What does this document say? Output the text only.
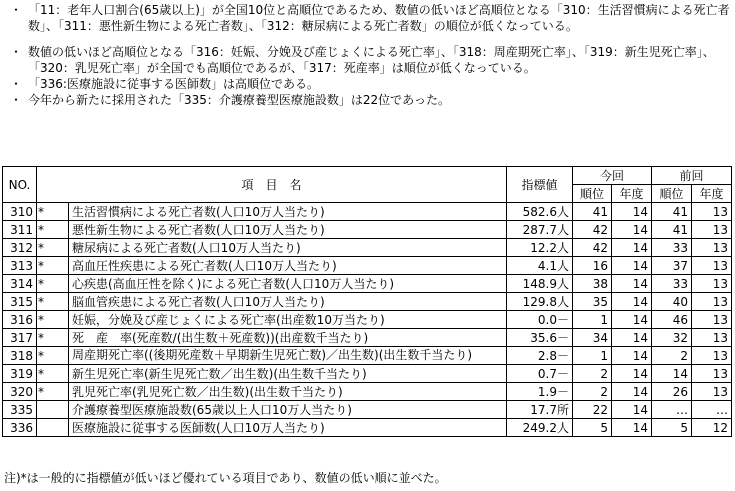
・ 「11：老年人口割合(65歳以上)」が全国10位と高順位であるため、数値の低いほど高順位となる「310：生活習慣病による死亡者数」、「311：悪性新生物による死亡者数」、「312：糖尿病による死亡者数」の順位が低くなっている。
・ 数値の低いほど高順位となる「316：妊娠、分娩及び産じょくによる死亡率」、「318：周産期死亡率」、「319：新生児死亡率」、「320：乳児死亡率」が全国でも高順位であるが、「317：死産率」は順位が低くなっている。
・ 「336:医療施設に従事する医師数」は高順位である。
・ 今年から新たに採用された「335：介護療養型医療施設数」は22位であった。
NO.	項　目　名		指標値	今回		前回	
				順位	年度	順位	年度
310	*	生活習慣病による死亡者数(人口10万人当たり)	582.6人	41	14	41	13
311	*	悪性新生物による死亡者数(人口10万人当たり)	287.7人	42	14	41	13
312	*	糖尿病による死亡者数(人口10万人当たり)	12.2人	42	14	33	13
313	*	高血圧性疾患による死亡者数(人口10万人当たり)	4.1人	16	14	37	13
314	*	心疾患(高血圧性を除く)による死亡者数(人口10万人当たり)	148.9人	38	14	33	13
315	*	脳血管疾患による死亡者数(人口10万人当たり)	129.8人	35	14	40	13
316	*	妊娠，分娩及び産じょくによる死亡率(出産数10万当たり)	0.0－	1	14	46	13
317	*	死　産　率(死産数/(出生数＋死産数))(出産数千当たり)	35.6－	34	14	32	13
318	*	周産期死亡率((後期死産数＋早期新生児死亡数)／出生数)(出生数千当たり)	2.8－	1	14	2	13
319	*	新生児死亡率(新生児死亡数／出生数)(出生数千当たり)	0.7－	2	14	14	13
320	*	乳児死亡率(乳児死亡数／出生数)(出生数千当たり)	1.9－	2	14	26	13
335		介護療養型医療施設数(65歳以上人口10万人当たり)	17.7所	22	14	…	…
336		医療施設に従事する医師数(人口10万人当たり)	249.2人	5	14	5	12
注)*は一般的に指標値が低いほど優れている項目であり、数値の低い順に並べた。
